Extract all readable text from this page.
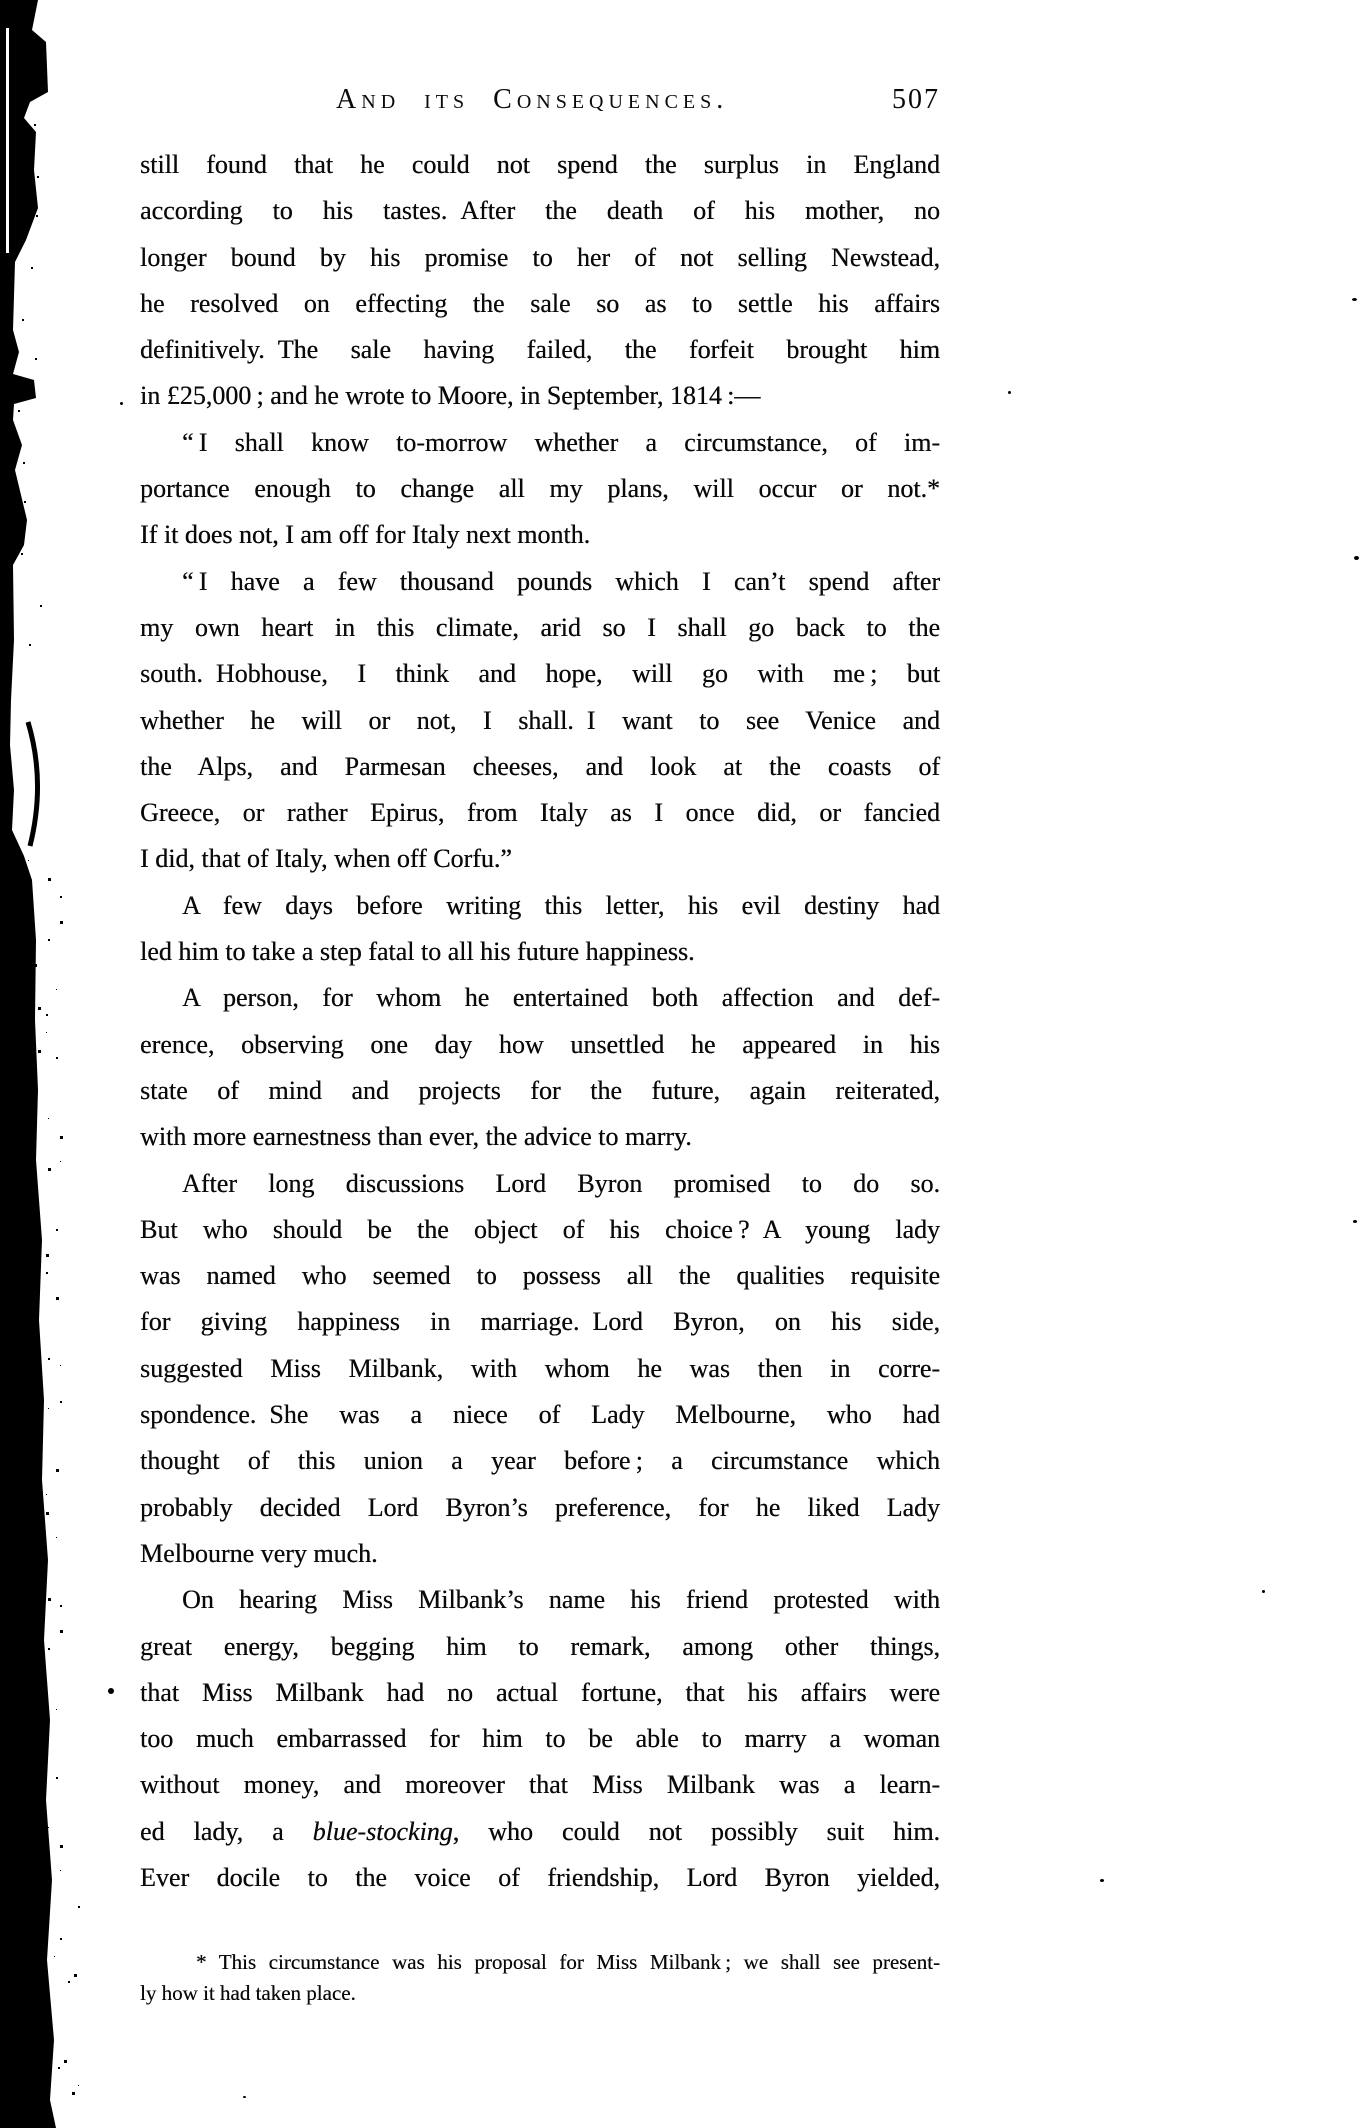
And its Consequences.	507
still found that he could not spend the surplus in England
according to his tastes. After the death of his mother, no
longer bound by his promise to her of not selling Newstead,
he resolved on effecting the sale so as to settle his affairs
definitively. The sale having failed, the forfeit brought him
in £25,000 ; and he wrote to Moore, in September, 1814 :—
“ I shall know to-morrow whether a circumstance, of im-
portance enough to change all my plans, will occur or not.*
If it does not, I am off for Italy next month.
“ I have a few thousand pounds which I can’t spend after
my own heart in this climate, arid so I shall go back to the
south. Hobhouse, I think and hope, will go with me ; but
whether he will or not, I shall. I want to see Venice and
the Alps, and Parmesan cheeses, and look at the coasts of
Greece, or rather Epirus, from Italy as I once did, or fancied
I did, that of Italy, when off Corfu.”
A few days before writing this letter, his evil destiny had
led him to take a step fatal to all his future happiness.
A person, for whom he entertained both affection and def-
erence, observing one day how unsettled he appeared in his
state of mind and projects for the future, again reiterated,
with more earnestness than ever, the advice to marry.
After long discussions Lord Byron promised to do so.
But who should be the object of his choice ? A young lady
was named who seemed to possess all the qualities requisite
for giving happiness in marriage. Lord Byron, on his side,
suggested Miss Milbank, with whom he was then in corre-
spondence. She was a niece of Lady Melbourne, who had
thought of this union a year before ; a circumstance which
probably decided Lord Byron’s preference, for he liked Lady
Melbourne very much.
On hearing Miss Milbank’s name his friend protested with
great energy, begging him to remark, among other things,
that Miss Milbank had no actual fortune, that his affairs were
too much embarrassed for him to be able to marry a woman
without money, and moreover that Miss Milbank was a learn-
ed lady, a blue-stocking, who could not possibly suit him.
Ever docile to the voice of friendship, Lord Byron yielded,
* This circumstance was his proposal for Miss Milbank ; we shall see present-
ly how it had taken place.
